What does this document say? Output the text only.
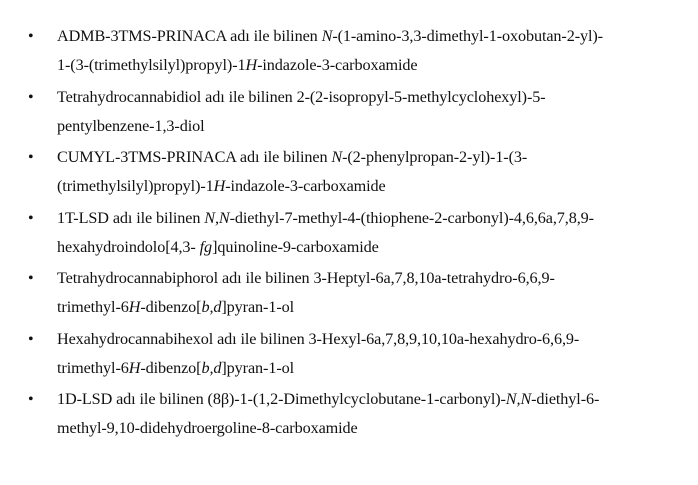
• ADMB-3TMS-PRINACA adı ile bilinen N-(1-amino-3,3-dimethyl-1-oxobutan-2-yl)-
1-(3-(trimethylsilyl)propyl)-1H-indazole-3-carboxamide
• Tetrahydrocannabidiol adı ile bilinen 2-(2-isopropyl-5-methylcyclohexyl)-5-
pentylbenzene-1,3-diol
• CUMYL-3TMS-PRINACA adı ile bilinen N-(2-phenylpropan-2-yl)-1-(3-
(trimethylsilyl)propyl)-1H-indazole-3-carboxamide
• 1T-LSD adı ile bilinen N,N-diethyl-7-methyl-4-(thiophene-2-carbonyl)-4,6,6a,7,8,9-
hexahydroindolo[4,3- fg]quinoline-9-carboxamide
• Tetrahydrocannabiphorol adı ile bilinen 3-Heptyl-6a,7,8,10a-tetrahydro-6,6,9-
trimethyl-6H-dibenzo[b,d]pyran-1-ol
• Hexahydrocannabihexol adı ile bilinen 3-Hexyl-6a,7,8,9,10,10a-hexahydro-6,6,9-
trimethyl-6H-dibenzo[b,d]pyran-1-ol
• 1D-LSD adı ile bilinen (8β)-1-(1,2-Dimethylcyclobutane-1-carbonyl)-N,N-diethyl-6-
methyl-9,10-didehydroergoline-8-carboxamide
